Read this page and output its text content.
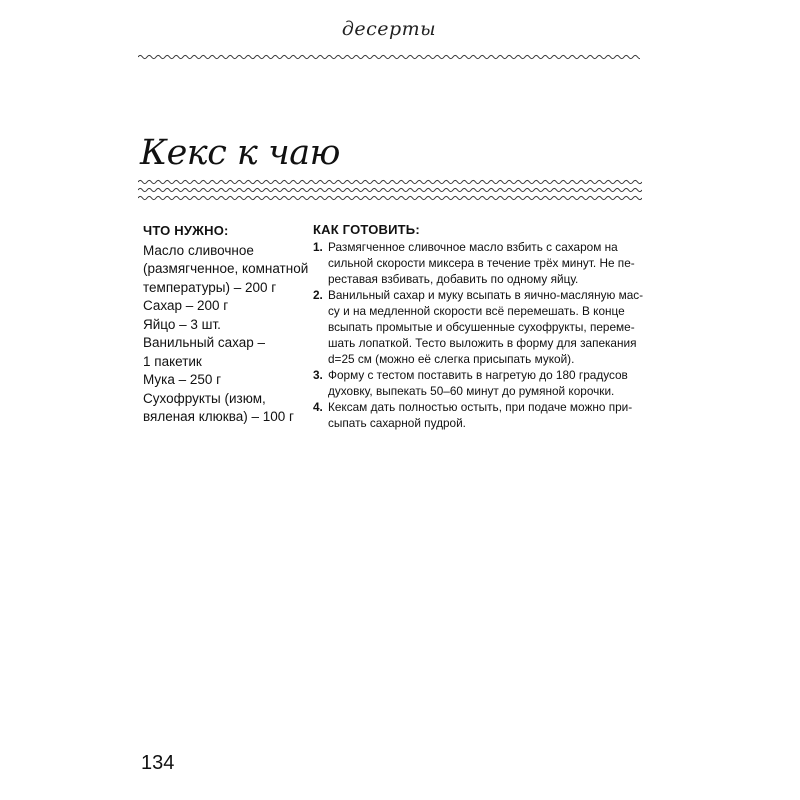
десерты
Кекс к чаю
ЧТО НУЖНО:
Масло сливочное
(размягченное, комнатной
температуры) – 200 г
Сахар – 200 г
Яйцо – 3 шт.
Ванильный сахар –
1 пакетик
Мука – 250 г
Сухофрукты (изюм,
вяленая клюква) – 100 г
КАК ГОТОВИТЬ:
1. Размягченное сливочное масло взбить с сахаром на
сильной скорости миксера в течение трёх минут. Не пе-
реставая взбивать, добавить по одному яйцу.
2. Ванильный сахар и муку всыпать в яично-масляную мас-
су и на медленной скорости всё перемешать. В конце
всыпать промытые и обсушенные сухофрукты, переме-
шать лопаткой. Тесто выложить в форму для запекания
d=25 см (можно её слегка присыпать мукой).
3. Форму с тестом поставить в нагретую до 180 градусов
духовку, выпекать 50–60 минут до румяной корочки.
4. Кексам дать полностью остыть, при подаче можно при-
сыпать сахарной пудрой.
134
